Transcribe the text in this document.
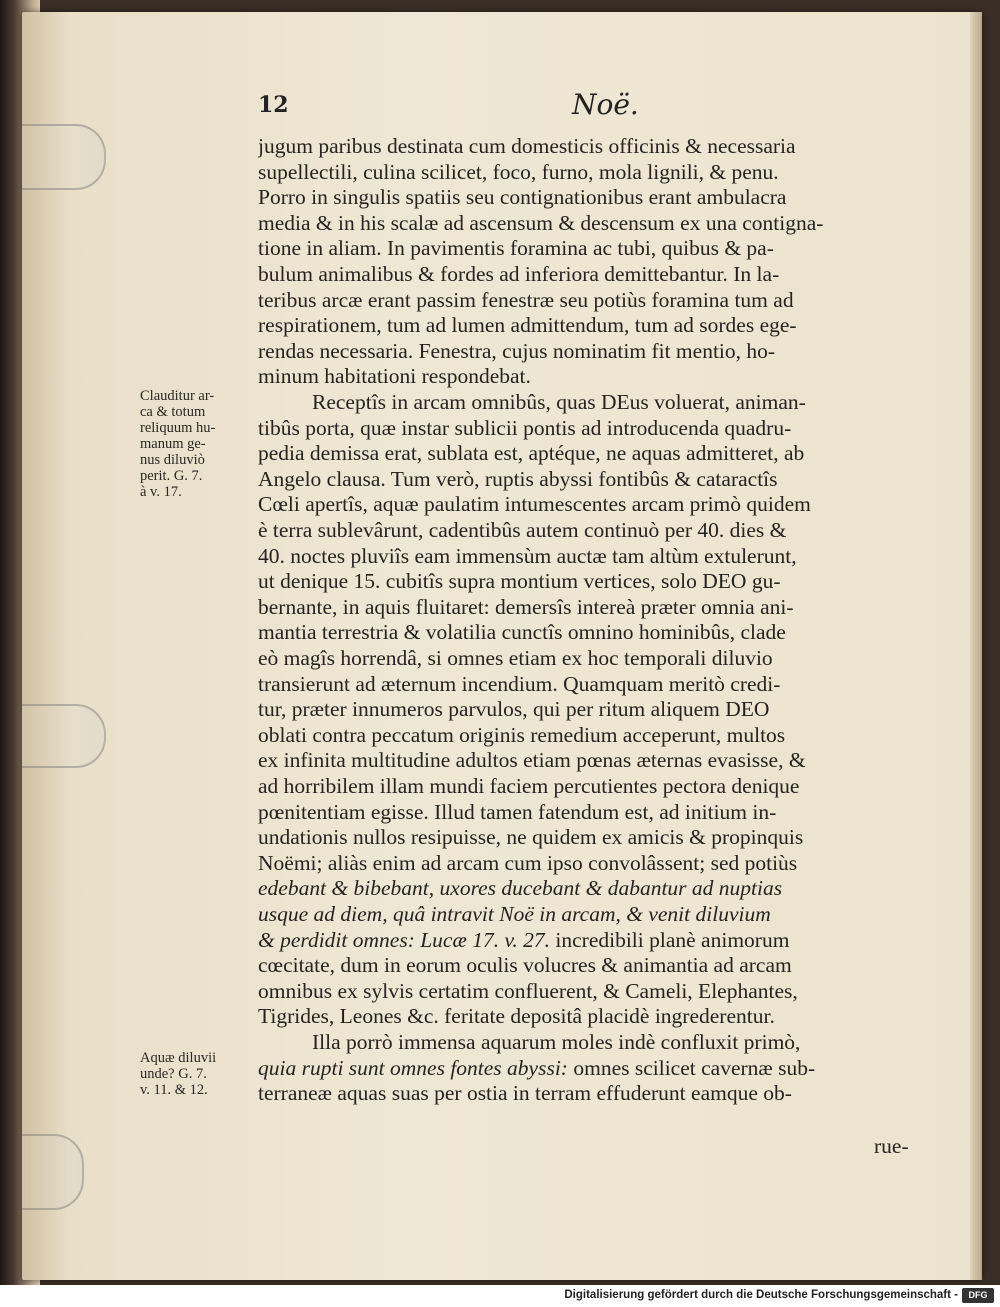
12	Noë.
Clauditur ar-
ca & totum
reliquum hu-
manum ge-
nus diluviò
perit. G. 7.
à v. 17.
Aquæ diluvii
unde? G. 7.
v. 11. & 12.
jugum paribus destinata cum domesticis officinis & necessaria
supellectili, culina scilicet, foco, furno, mola lignili, & penu.
Porro in singulis spatiis seu contignationibus erant ambulacra
media & in his scalæ ad ascensum & descensum ex una contigna-
tione in aliam. In pavimentis foramina ac tubi, quibus & pa-
bulum animalibus & fordes ad inferiora demittebantur. In la-
teribus arcæ erant passim fenestræ seu potiùs foramina tum ad
respirationem, tum ad lumen admittendum, tum ad sordes ege-
rendas necessaria. Fenestra, cujus nominatim fit mentio, ho-
minum habitationi respondebat.
Receptîs in arcam omnibûs, quas DEus voluerat, animan-
tibûs porta, quæ instar sublicii pontis ad introducenda quadru-
pedia demissa erat, sublata est, aptéque, ne aquas admitteret, ab
Angelo clausa. Tum verò, ruptis abyssi fontibûs & cataractîs
Cœli apertîs, aquæ paulatim intumescentes arcam primò quidem
è terra sublevârunt, cadentibûs autem continuò per 40. dies &
40. noctes pluviîs eam immensùm auctæ tam altùm extulerunt,
ut denique 15. cubitîs supra montium vertices, solo DEO gu-
bernante, in aquis fluitaret: demersîs intereà præter omnia ani-
mantia terrestria & volatilia cunctîs omnino hominibûs, clade
eò magîs horrendâ, si omnes etiam ex hoc temporali diluvio
transierunt ad æternum incendium. Quamquam meritò credi-
tur, præter innumeros parvulos, qui per ritum aliquem DEO
oblati contra peccatum originis remedium acceperunt, multos
ex infinita multitudine adultos etiam pœnas æternas evasisse, &
ad horribilem illam mundi faciem percutientes pectora denique
pœnitentiam egisse. Illud tamen fatendum est, ad initium in-
undationis nullos resipuisse, ne quidem ex amicis & propinquis
Noëmi; aliàs enim ad arcam cum ipso convolâssent; sed potiùs
edebant & bibebant, uxores ducebant & dabantur ad nuptias
usque ad diem, quâ intravit Noë in arcam, & venit diluvium
& perdidit omnes: Lucæ 17. v. 27. incredibili planè animorum
cœcitate, dum in eorum oculis volucres & animantia ad arcam
omnibus ex sylvis certatim confluerent, & Cameli, Elephantes,
Tigrides, Leones &c. feritate depositâ placidè ingrederentur.
Illa porrò immensa aquarum moles indè confluxit primò,
quia rupti sunt omnes fontes abyssi: omnes scilicet cavernæ sub-
terraneæ aquas suas per ostia in terram effuderunt eamque ob-
rue-
Digitalisierung gefördert durch die Deutsche Forschungsgemeinschaft -	DFG
